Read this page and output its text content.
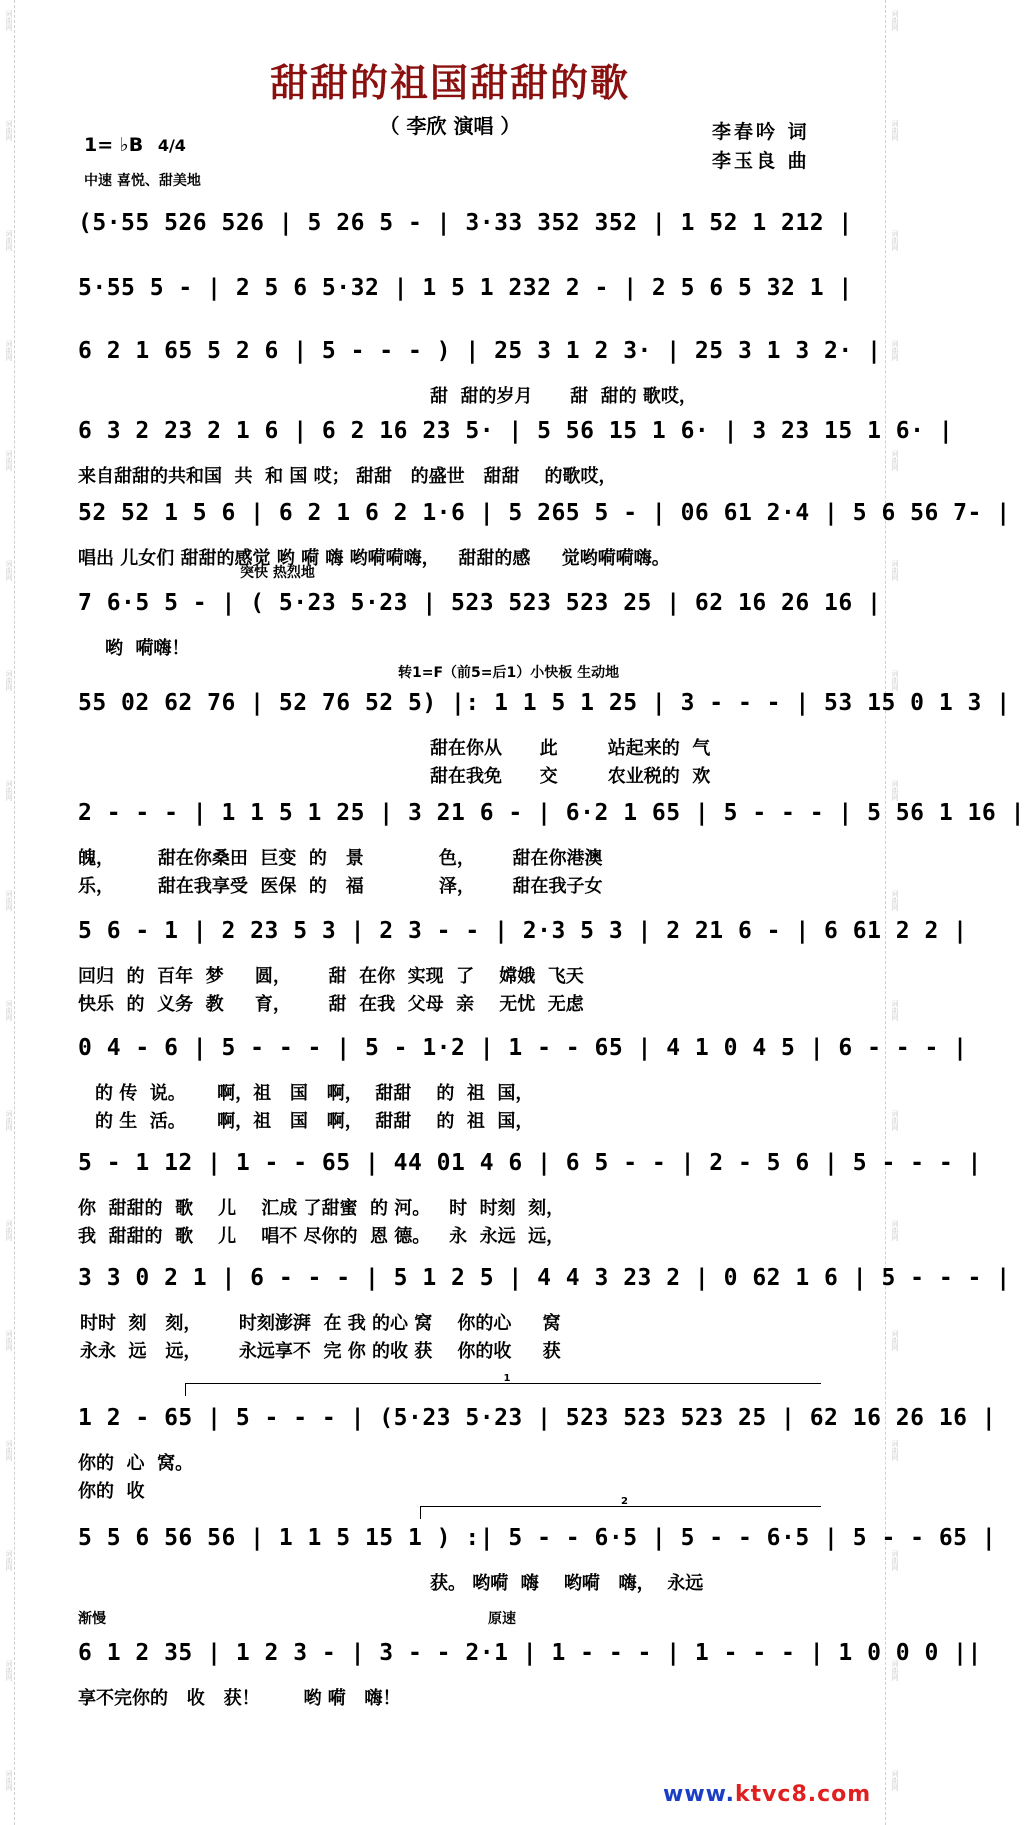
词曲网
词曲网
词曲网
词曲网
词曲网
词曲网
词曲网
词曲网
词曲网
词曲网
词曲网
词曲网
词曲网
词曲网
词曲网
词曲网
词曲网
词曲网
词曲网
词曲网
词曲网
词曲网
词曲网
词曲网
词曲网
词曲网
词曲网
词曲网
词曲网
词曲网
词曲网
词曲网
词曲网
词曲网
甜甜的祖国甜甜的歌
（ 李欣 演唱 ）	李春吟 词
李玉良 曲
1= ♭B 4/4
中速 喜悦、甜美地
突快 热烈地
转1=F（前5=后1）小快板 生动地
渐慢	原速
1
2
(5·55 526 526 | 5 26 5 - | 3·33 352 352 | 1 52 1 212 |
5·55 5 - | 2 5 6 5·32 | 1 5 1 232 2 - | 2 5 6 5 32 1 |
6 2 1 65 5 2 6 | 5 - - - ) | 25 3 1 2 3· | 25 3 1 3 2· |
甜  甜的岁月      甜  甜的 歌哎，
6 3 2 23 2 1 6 | 6 2 16 23 5· | 5 56 15 1 6· | 3 23 15 1 6· |
来自甜甜的共和国  共  和 国 哎； 甜甜   的盛世   甜甜    的歌哎，
52 52 1 5 6 | 6 2 1 6 2 1·6 | 5 265 5 - | 06 61 2·4 | 5 6 56 7- |
唱出 儿女们 甜甜的感觉 哟 嗬 嗨 哟嗬嗬嗨，   甜甜的感     觉哟嗬嗬嗨。
7 6·5 5 - | ( 5·23 5·23 | 523 523 523 25 | 62 16 26 16 |
哟  嗬嗨！
55 02 62 76 | 52 76 52 5) |: 1 1 5 1 25 | 3 - - - | 53 15 0 1 3 |
甜在你从      此        站起来的  气
甜在我免      交        农业税的  欢
2 - - - | 1 1 5 1 25 | 3 21 6 - | 6·2 1 65 | 5 - - - | 5 56 1 16 |
魄，       甜在你桑田  巨变  的   景            色，      甜在你港澳
乐，       甜在我享受  医保  的   福            泽，      甜在我子女
5 6 - 1 | 2 23 5 3 | 2 3 - - | 2·3 5 3 | 2 21 6 - | 6 61 2 2 |
回归  的  百年  梦     圆，      甜  在你  实现  了    嫦娥  飞天
快乐  的  义务  教     育，      甜  在我  父母  亲    无忧  无虑
0 4 - 6 | 5 - - - | 5 - 1·2 | 1 - - 65 | 4 1 0 4 5 | 6 - - - |
的 传  说。     啊，祖   国   啊，  甜甜    的  祖  国，
的 生  活。     啊，祖   国   啊，  甜甜    的  祖  国，
5 - 1 12 | 1 - - 65 | 44 01 4 6 | 6 5 - - | 2 - 5 6 | 5 - - - |
你  甜甜的  歌    儿    汇成 了甜蜜  的 河。   时  时刻  刻，
我  甜甜的  歌    儿    唱不 尽你的  恩 德。   永  永远  远，
3 3 0 2 1 | 6 - - - | 5 1 2 5 | 4 4 3 23 2 | 0 62 1 6 | 5 - - - |
时时  刻   刻，      时刻澎湃  在 我 的心 窝    你的心     窝
永永  远   远，      永远享不  完 你 的收 获    你的收     获
1 2 - 65 | 5 - - - | (5·23 5·23 | 523 523 523 25 | 62 16 26 16 |
你的  心  窝。
你的  收
5 5 6 56 56 | 1 1 5 15 1 ) :| 5 - - 6·5 | 5 - - 6·5 | 5 - - 65 |
获。 哟嗬  嗨    哟嗬   嗨，  永远
6 1 2 35 | 1 2 3 - | 3 - - 2·1 | 1 - - - | 1 - - - | 1 0 0 0 ||
享不完你的   收   获！       哟 嗬   嗨！
www.ktvc8.com
